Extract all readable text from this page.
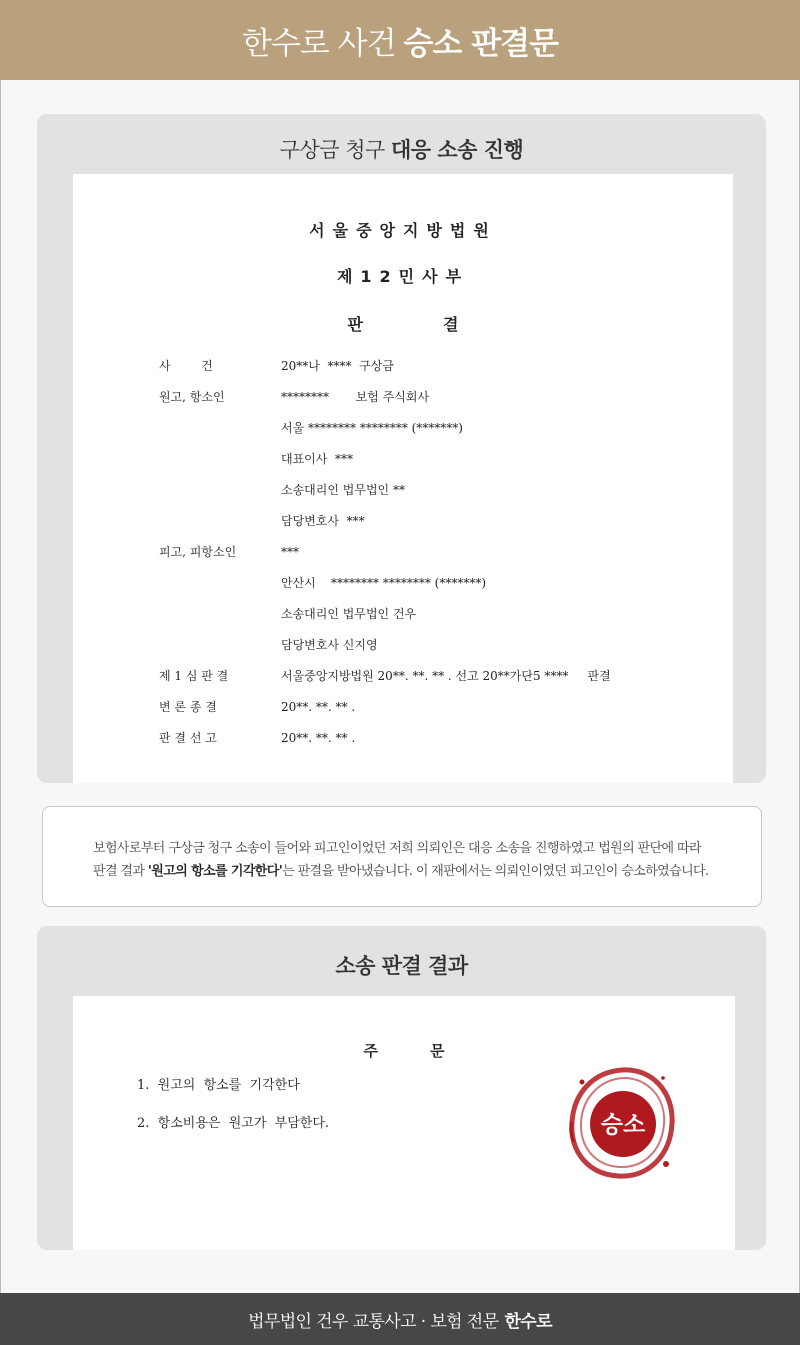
한수로 사건 승소 판결문
구상금 청구 대응 소송 진행
서울중앙지방법원
제12민사부
판결
사        건	20**나  ****  구상금
원고, 항소인	********       보험 주식회사
서울 ******** ******** (*******)
대표이사  ***
소송대리인 법무법인 **
담당변호사  ***
피고, 피항소인	***
안산시    ******** ******** (*******)
소송대리인 법무법인 건우
담당변호사 신지영
제 1 심 판 결	서울중앙지방법원 20**. **. ** . 선고 20**가단5 ****     판결
변 론 종 결	20**. **. ** .
판 결 선 고	20**. **. ** .
보험사로부터 구상금 청구 소송이 들어와 피고인이었던 저희 의뢰인은 대응 소송을 진행하였고 법원의 판단에 따라
판결 결과 '원고의 항소를 기각한다'는 판결을 받아냈습니다. 이 재판에서는 의뢰인이였던 피고인이 승소하였습니다.
소송 판결 결과
주문
1.  원고의  항소를  기각한다
2.  항소비용은  원고가  부담한다.	승소
법무법인 건우 교통사고 · 보험 전문 한수로
